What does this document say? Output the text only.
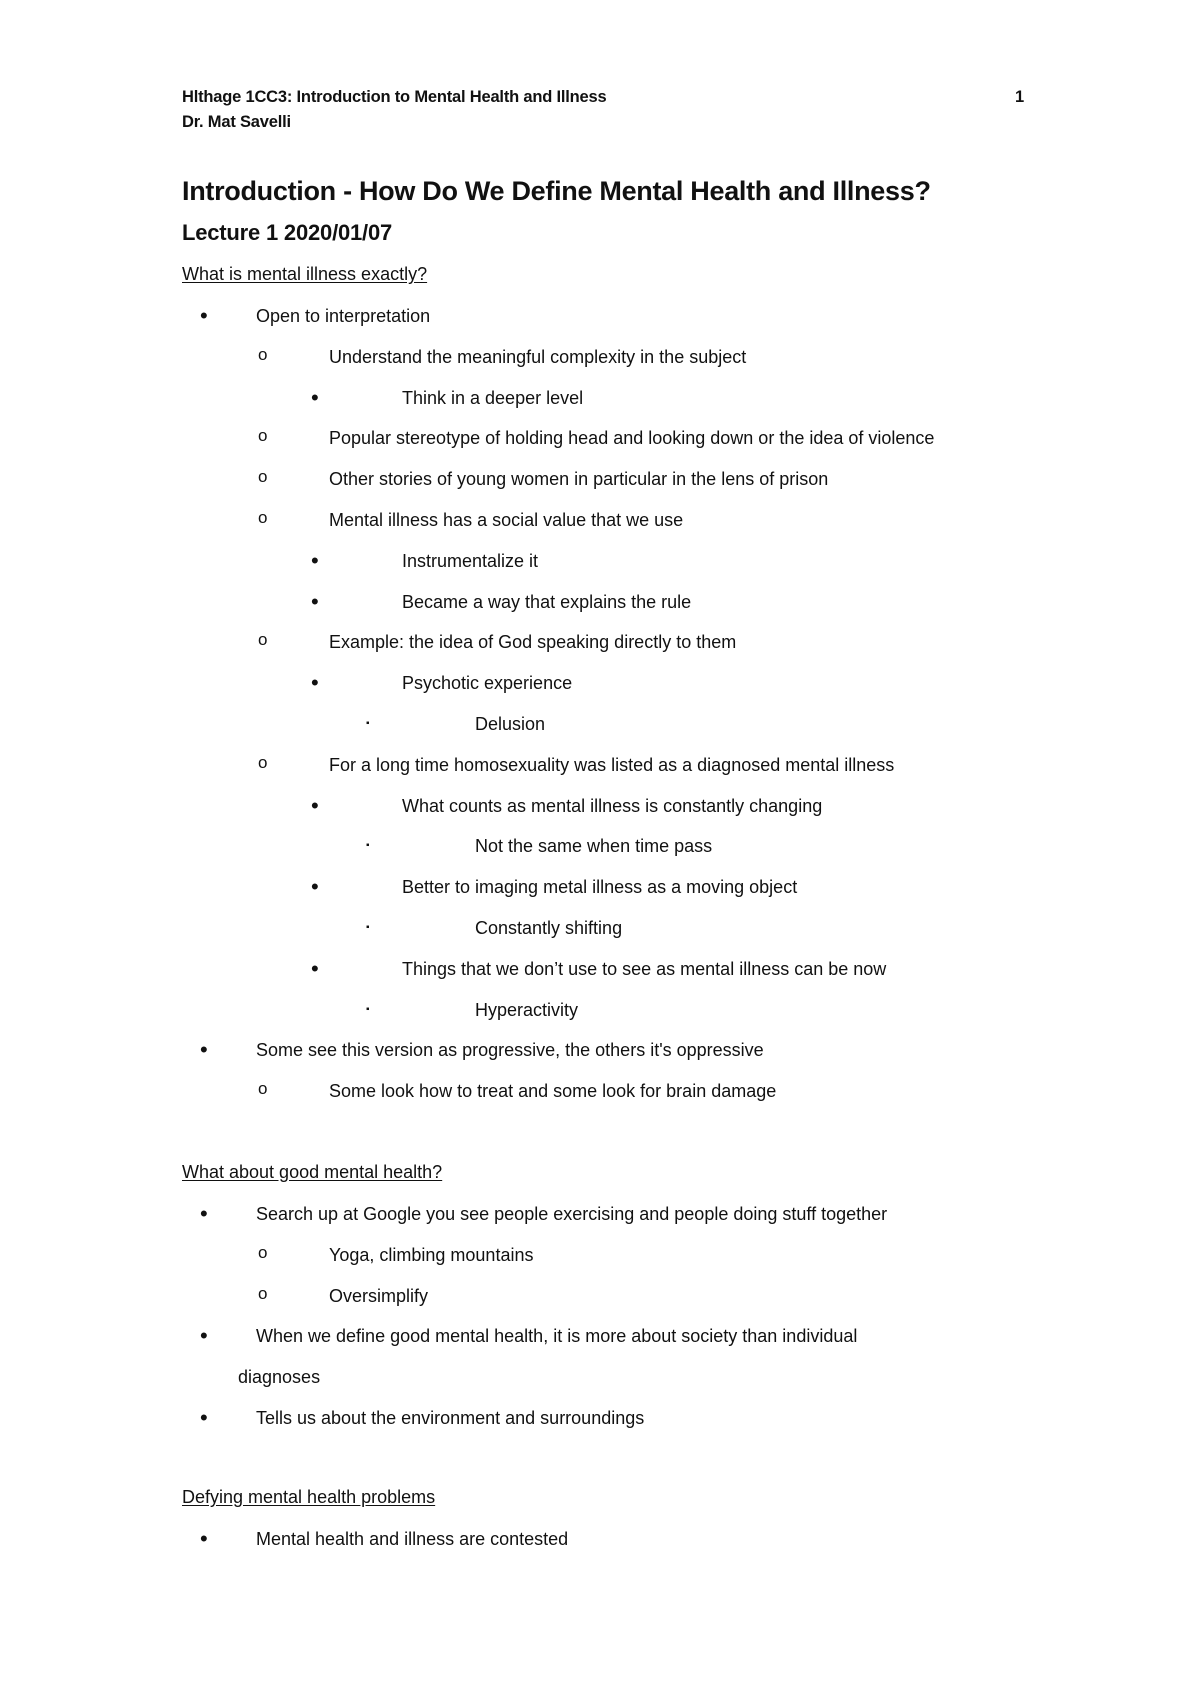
Hlthage 1CC3: Introduction to Mental Health and Illness
Dr. Mat Savelli
1
Introduction - How Do We Define Mental Health and Illness?
Lecture 1 2020/01/07
What is mental illness exactly?
•	Open to interpretation
o	Understand the meaningful complexity in the subject
•	Think in a deeper level
o	Popular stereotype of holding head and looking down or the idea of violence
o	Other stories of young women in particular in the lens of prison
o	Mental illness has a social value that we use
•	Instrumentalize it
•	Became a way that explains the rule
o	Example: the idea of God speaking directly to them
•	Psychotic experience
▪	Delusion
o	For a long time homosexuality was listed as a diagnosed mental illness
•	What counts as mental illness is constantly changing
▪	Not the same when time pass
•	Better to imaging metal illness as a moving object
▪	Constantly shifting
•	Things that we don’t use to see as mental illness can be now
▪	Hyperactivity
•	Some see this version as progressive, the others it's oppressive
o	Some look how to treat and some look for brain damage
What about good mental health?
•	Search up at Google you see people exercising and people doing stuff together
o	Yoga, climbing mountains
o	Oversimplify
•	When we define good mental health, it is more about society than individual
diagnoses
•	Tells us about the environment and surroundings
Defying mental health problems
•	Mental health and illness are contested
